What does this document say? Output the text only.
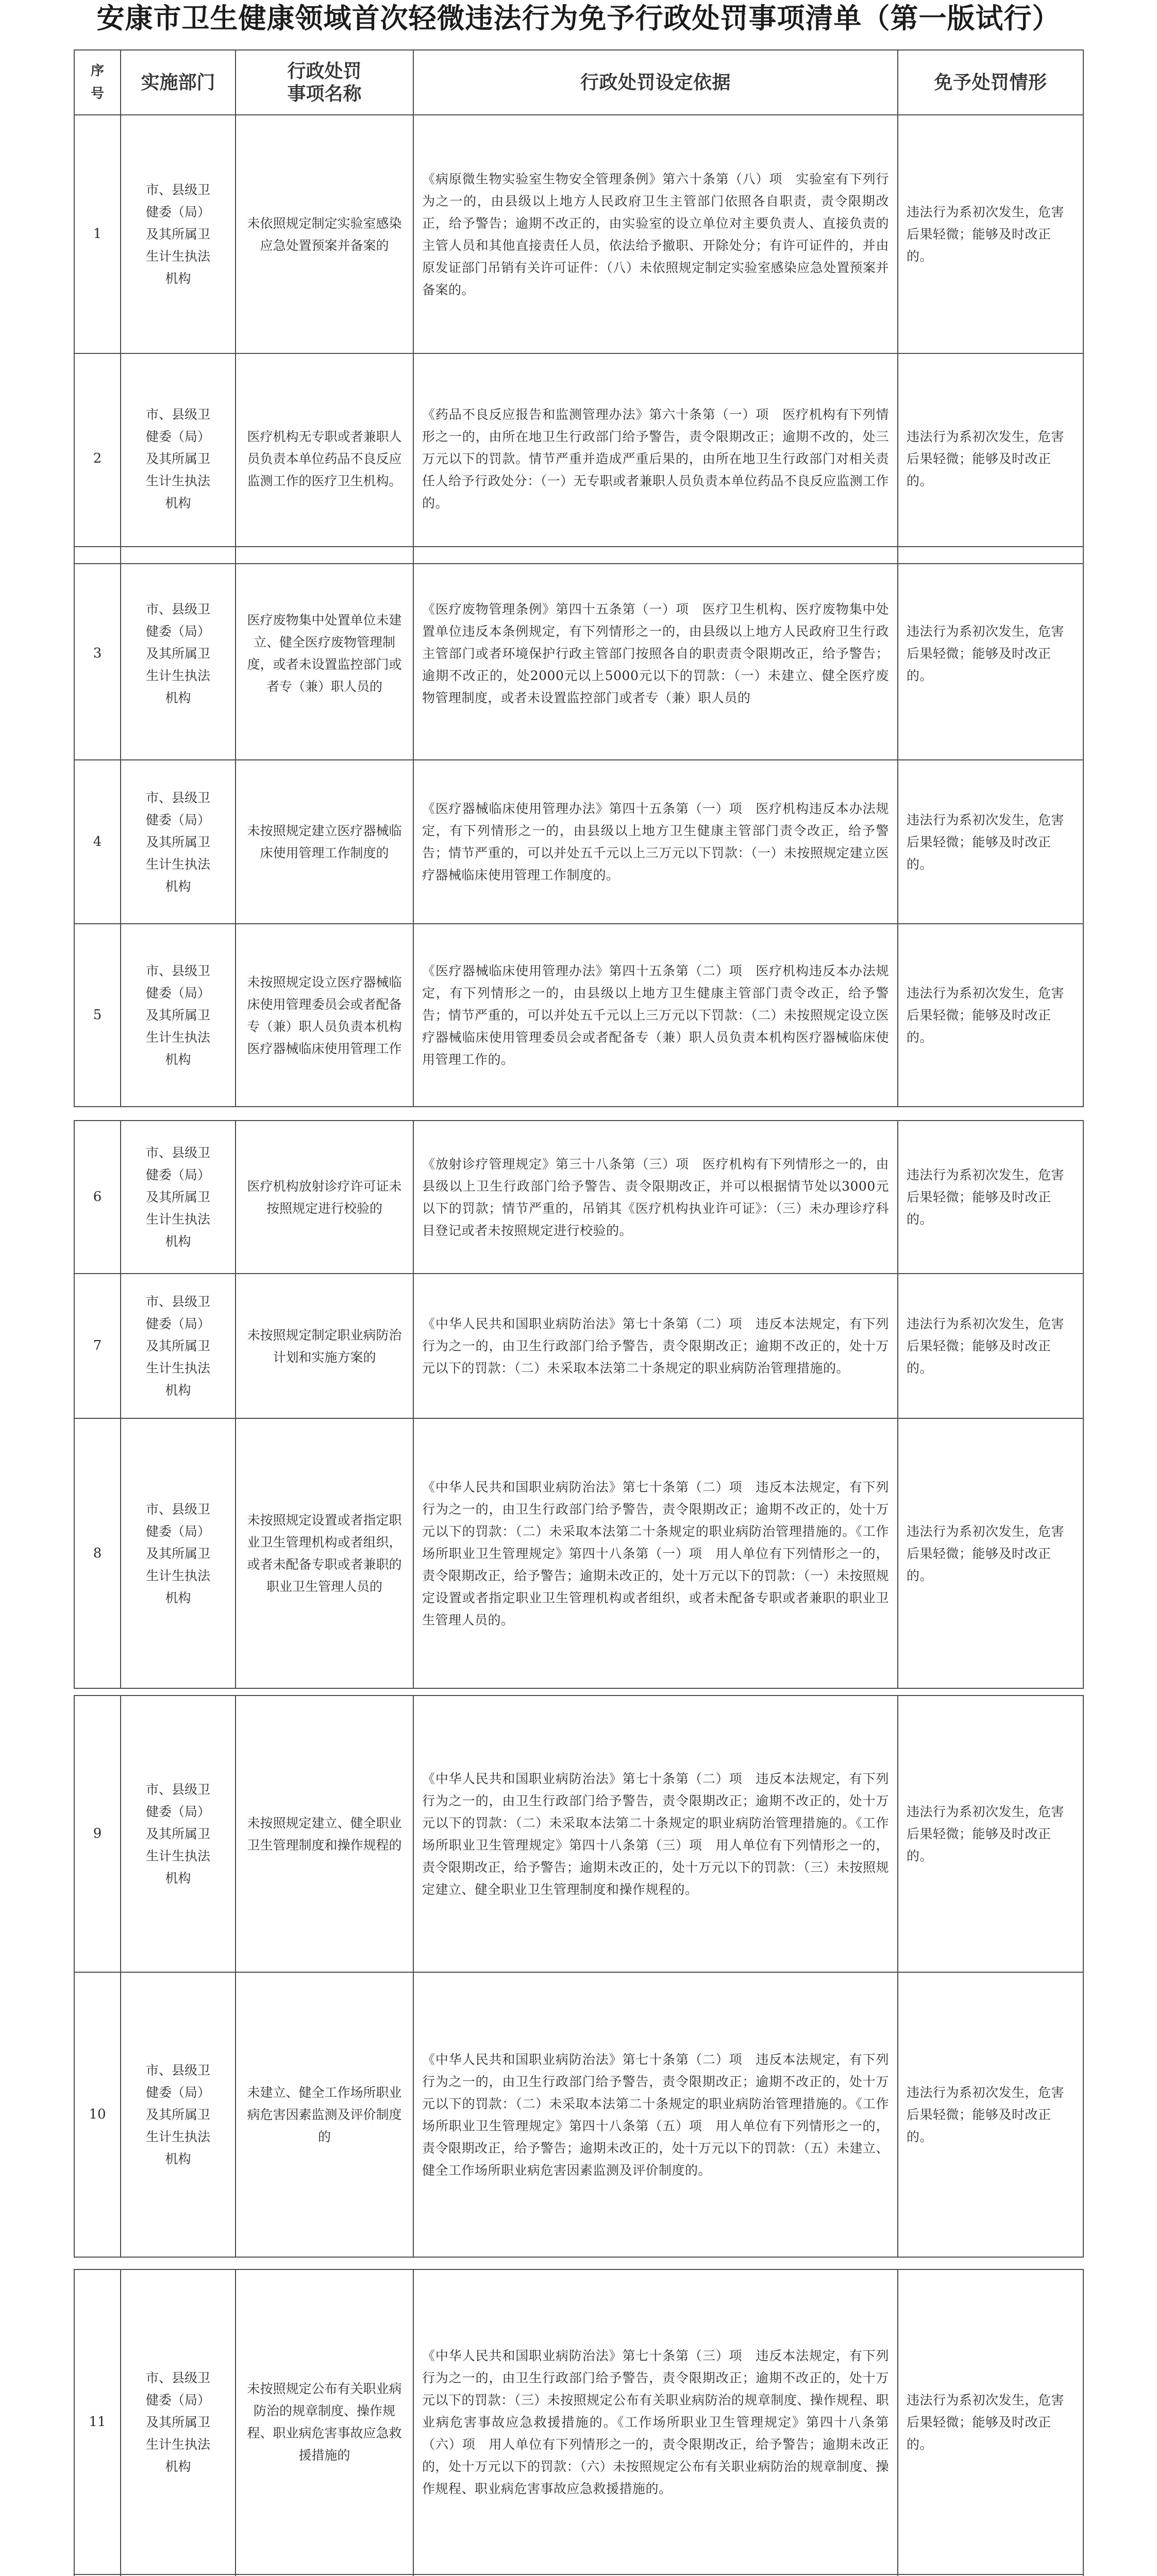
安康市卫生健康领域首次轻微违法行为免予行政处罚事项清单（第一版试行）
序
号
实施部门
行政处罚
事项名称
行政处罚设定依据	免予处罚情形
1
市、县级卫
健委（局）
及其所属卫
生计生执法
机构
未依照规定制定实验室感染应急处置预案并备案的
《病原微生物实验室生物安全管理条例》第六十条第（八）项　实验室有下列行为之一的，由县级以上地方人民政府卫生主管部门依照各自职责，责令限期改正，给予警告；逾期不改正的，由实验室的设立单位对主要负责人、直接负责的主管人员和其他直接责任人员，依法给予撤职、开除处分；有许可证件的，并由原发证部门吊销有关许可证件：（八）未依照规定制定实验室感染应急处置预案并备案的。
违法行为系初次发生，危害后果轻微；能够及时改正的。
2
市、县级卫
健委（局）
及其所属卫
生计生执法
机构
医疗机构无专职或者兼职人员负责本单位药品不良反应监测工作的医疗卫生机构。
《药品不良反应报告和监测管理办法》第六十条第（一）项　医疗机构有下列情形之一的，由所在地卫生行政部门给予警告，责令限期改正；逾期不改的，处三万元以下的罚款。情节严重并造成严重后果的，由所在地卫生行政部门对相关责任人给予行政处分：（一）无专职或者兼职人员负责本单位药品不良反应监测工作的。
违法行为系初次发生，危害后果轻微；能够及时改正的。
3
市、县级卫
健委（局）
及其所属卫
生计生执法
机构
医疗废物集中处置单位未建立、健全医疗废物管理制度，或者未设置监控部门或者专（兼）职人员的
《医疗废物管理条例》第四十五条第（一）项　医疗卫生机构、医疗废物集中处置单位违反本条例规定，有下列情形之一的，由县级以上地方人民政府卫生行政主管部门或者环境保护行政主管部门按照各自的职责责令限期改正，给予警告；逾期不改正的，处2000元以上5000元以下的罚款：（一）未建立、健全医疗废物管理制度，或者未设置监控部门或者专（兼）职人员的
违法行为系初次发生，危害后果轻微；能够及时改正的。
4
市、县级卫
健委（局）
及其所属卫
生计生执法
机构
未按照规定建立医疗器械临床使用管理工作制度的
《医疗器械临床使用管理办法》第四十五条第（一）项　医疗机构违反本办法规定，有下列情形之一的，由县级以上地方卫生健康主管部门责令改正，给予警告；情节严重的，可以并处五千元以上三万元以下罚款：（一）未按照规定建立医疗器械临床使用管理工作制度的。
违法行为系初次发生，危害后果轻微；能够及时改正的。
5
市、县级卫
健委（局）
及其所属卫
生计生执法
机构
未按照规定设立医疗器械临床使用管理委员会或者配备专（兼）职人员负责本机构医疗器械临床使用管理工作
《医疗器械临床使用管理办法》第四十五条第（二）项　医疗机构违反本办法规定，有下列情形之一的，由县级以上地方卫生健康主管部门责令改正，给予警告；情节严重的，可以并处五千元以上三万元以下罚款：（二）未按照规定设立医疗器械临床使用管理委员会或者配备专（兼）职人员负责本机构医疗器械临床使用管理工作的。
违法行为系初次发生，危害后果轻微；能够及时改正的。
6
市、县级卫
健委（局）
及其所属卫
生计生执法
机构
医疗机构放射诊疗许可证未按照规定进行校验的
《放射诊疗管理规定》第三十八条第（三）项　医疗机构有下列情形之一的，由县级以上卫生行政部门给予警告、责令限期改正，并可以根据情节处以3000元以下的罚款；情节严重的，吊销其《医疗机构执业许可证》：（三）未办理诊疗科目登记或者未按照规定进行校验的。
违法行为系初次发生，危害后果轻微；能够及时改正的。
7
市、县级卫
健委（局）
及其所属卫
生计生执法
机构
未按照规定制定职业病防治计划和实施方案的
《中华人民共和国职业病防治法》第七十条第（二）项　违反本法规定，有下列行为之一的，由卫生行政部门给予警告，责令限期改正；逾期不改正的，处十万元以下的罚款：（二）未采取本法第二十条规定的职业病防治管理措施的。
违法行为系初次发生，危害后果轻微；能够及时改正的。
8
市、县级卫
健委（局）
及其所属卫
生计生执法
机构
未按照规定设置或者指定职业卫生管理机构或者组织，或者未配备专职或者兼职的职业卫生管理人员的
《中华人民共和国职业病防治法》第七十条第（二）项　违反本法规定，有下列行为之一的，由卫生行政部门给予警告，责令限期改正；逾期不改正的，处十万元以下的罚款：（二）未采取本法第二十条规定的职业病防治管理措施的。《工作场所职业卫生管理规定》第四十八条第（一）项　用人单位有下列情形之一的，责令限期改正，给予警告；逾期未改正的，处十万元以下的罚款：（一）未按照规定设置或者指定职业卫生管理机构或者组织，或者未配备专职或者兼职的职业卫生管理人员的。
违法行为系初次发生，危害后果轻微；能够及时改正的。
9
市、县级卫
健委（局）
及其所属卫
生计生执法
机构
未按照规定建立、健全职业卫生管理制度和操作规程的
《中华人民共和国职业病防治法》第七十条第（二）项　违反本法规定，有下列行为之一的，由卫生行政部门给予警告，责令限期改正；逾期不改正的，处十万元以下的罚款：（二）未采取本法第二十条规定的职业病防治管理措施的。《工作场所职业卫生管理规定》第四十八条第（三）项　用人单位有下列情形之一的，责令限期改正，给予警告；逾期未改正的，处十万元以下的罚款：（三）未按照规定建立、健全职业卫生管理制度和操作规程的。
违法行为系初次发生，危害后果轻微；能够及时改正的。
10
市、县级卫
健委（局）
及其所属卫
生计生执法
机构
未建立、健全工作场所职业病危害因素监测及评价制度的
《中华人民共和国职业病防治法》第七十条第（二）项　违反本法规定，有下列行为之一的，由卫生行政部门给予警告，责令限期改正；逾期不改正的，处十万元以下的罚款：（二）未采取本法第二十条规定的职业病防治管理措施的。《工作场所职业卫生管理规定》第四十八条第（五）项　用人单位有下列情形之一的，责令限期改正，给予警告；逾期未改正的，处十万元以下的罚款：（五）未建立、健全工作场所职业病危害因素监测及评价制度的。
违法行为系初次发生，危害后果轻微；能够及时改正的。
11
市、县级卫
健委（局）
及其所属卫
生计生执法
机构
未按照规定公布有关职业病防治的规章制度、操作规程、职业病危害事故应急救援措施的
《中华人民共和国职业病防治法》第七十条第（三）项　违反本法规定，有下列行为之一的，由卫生行政部门给予警告，责令限期改正；逾期不改正的，处十万元以下的罚款：（三）未按照规定公布有关职业病防治的规章制度、操作规程、职业病危害事故应急救援措施的。《工作场所职业卫生管理规定》第四十八条第（六）项　用人单位有下列情形之一的，责令限期改正，给予警告；逾期未改正的，处十万元以下的罚款：（六）未按照规定公布有关职业病防治的规章制度、操作规程、职业病危害事故应急救援措施的。
违法行为系初次发生，危害后果轻微；能够及时改正的。
